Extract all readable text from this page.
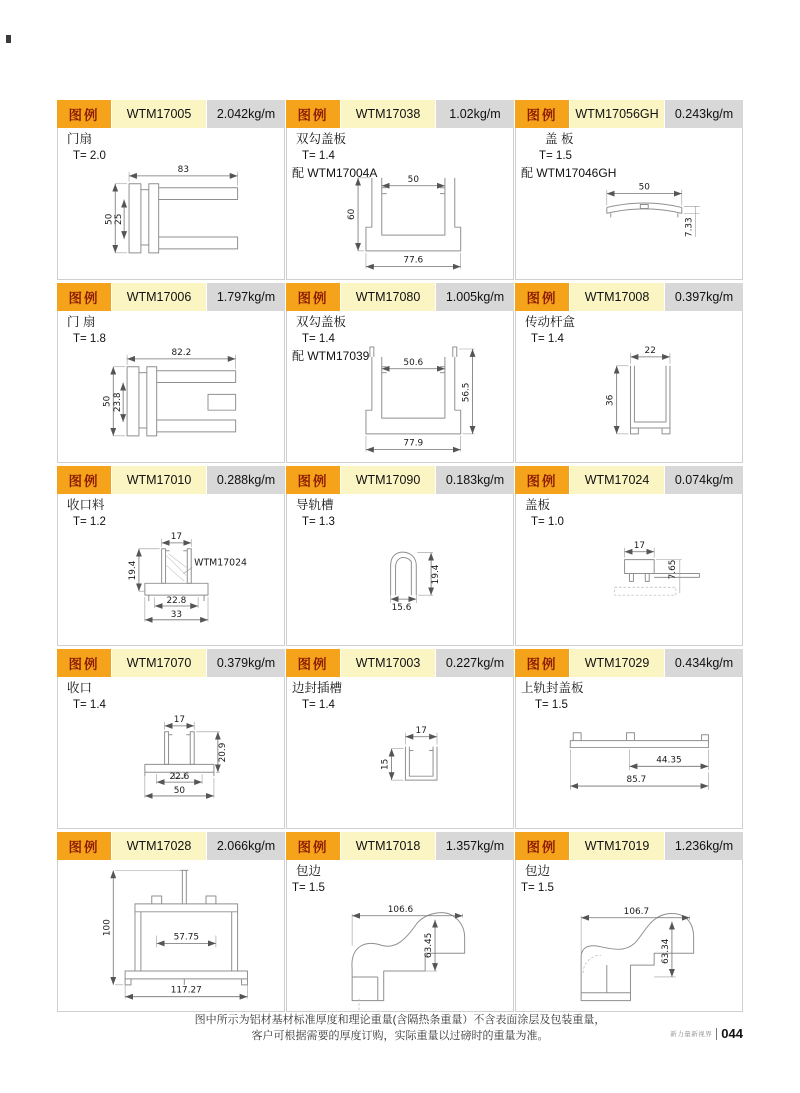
图例	WTM17005	2.042kg/m
门扇
T= 2.0
83
50 25
图例	WTM17038	1.02kg/m
双勾盖板
T= 1.4
配 WTM17004A	50
60
77.6
图例	WTM17056GH	0.243kg/m
盖 板
T= 1.5
配 WTM17046GH
50
7.33
图例	WTM17006	1.797kg/m
门 扇
T= 1.8
82.2
50 23.8
图例	WTM17080	1.005kg/m
双勾盖板
T= 1.4
配 WTM17039	50.6
56.5
77.9
图例	WTM17008	0.397kg/m
传动杆盒
T= 1.4
22
36
图例	WTM17010	0.288kg/m
收口料
T= 1.2
17
19.4
22.8
33
WTM17024
图例	WTM17090	0.183kg/m
导轨槽
T= 1.3
19.4
15.6
图例	WTM17024	0.074kg/m
盖板
T= 1.0
17
7.65
图例	WTM17070	0.379kg/m
收口
T= 1.4
17
20.9
22.6
50
图例	WTM17003	0.227kg/m
边封插槽
T= 1.4
17
15
图例	WTM17029	0.434kg/m
上轨封盖板
T= 1.5
44.35
85.7
图例	WTM17028	2.066kg/m
100
57.75
117.27
图例	WTM17018	1.357kg/m
包边
T= 1.5
106.6
63.45
图例	WTM17019	1.236kg/m
包边
T= 1.5
106.7
63.34
图中所示为铝材基材标准厚度和理论重量(含隔热条重量）不含表面涂层及包装重量，
客户可根据需要的厚度订购，实际重量以过磅时的重量为准。	新力量新视界 044
